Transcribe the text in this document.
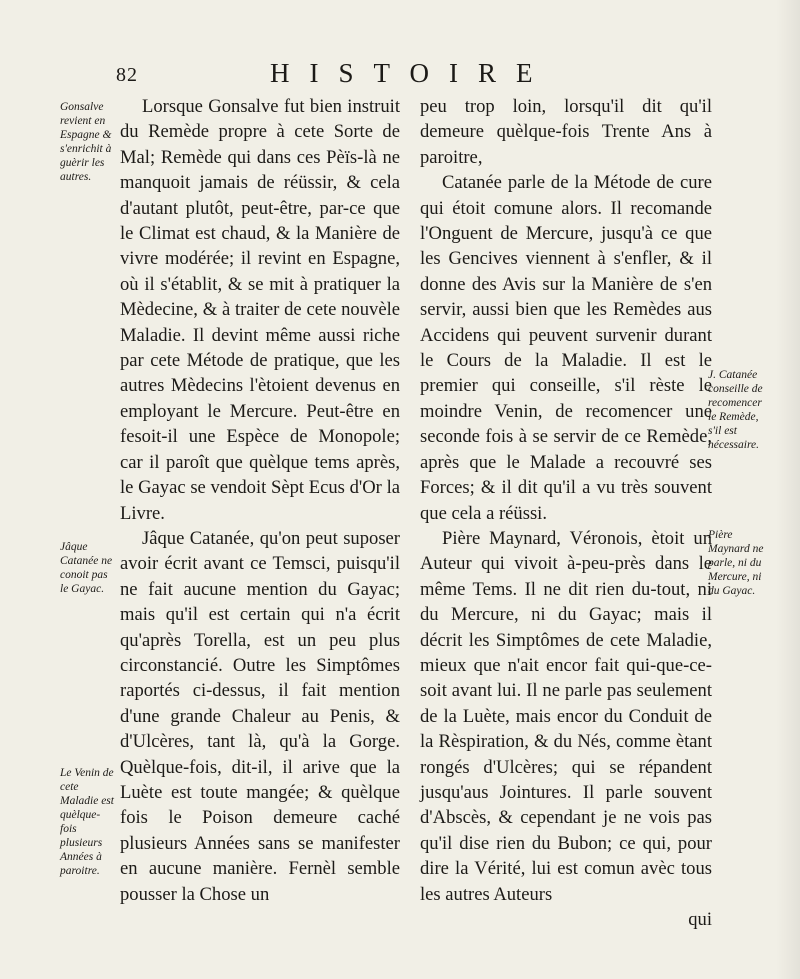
82	HISTOIRE
Gonsalve revient en Espagne & s'enrichit à guèrir les autres.
Jâque Catanée ne conoit pas le Gayac.
Le Venin de cete Maladie est quèlque-fois plusieurs Années à paroitre.

Lorsque Gonsalve fut bien instruit du Remède propre à cete Sorte de Mal; Remède qui dans ces Pèïs-là ne manquoit jamais de réüssir, & cela d'autant plutôt, peut-être, par-ce que le Climat est chaud, & la Manière de vivre modérée; il revint en Espagne, où il s'établit, & se mit à pratiquer la Mèdecine, & à traiter de cete nouvèle Maladie. Il devint même aussi riche par cete Métode de pratique, que les autres Mèdecins l'ètoient devenus en employant le Mercure. Peut-être en fesoit-il une Espèce de Monopole; car il paroît que quèlque tems après, le Gayac se vendoit Sèpt Ecus d'Or la Livre.

Jâque Catanée, qu'on peut suposer avoir écrit avant ce Temsci, puisqu'il ne fait aucune mention du Gayac; mais qu'il est certain qui n'a écrit qu'après Torella, est un peu plus circonstancié. Outre les Simptômes raportés ci-dessus, il fait mention d'une grande Chaleur au Penis, & d'Ulcères, tant là, qu'à la Gorge. Quèlque-fois, dit-il, il arive que la Luète est toute mangée; & quèlque fois le Poison demeure caché plusieurs Années sans se manifester en aucune manière. Fernèl semble pousser la Chose un

peu trop loin, lorsqu'il dit qu'il demeure quèlque-fois Trente Ans à paroitre,

Catanée parle de la Métode de cure qui étoit comune alors. Il recomande l'Onguent de Mercure, jusqu'à ce que les Gencives viennent à s'enfler, & il donne des Avis sur la Manière de s'en servir, aussi bien que les Remèdes aus Accidens qui peuvent survenir durant le Cours de la Maladie. Il est le premier qui conseille, s'il rèste le moindre Venin, de recomencer une seconde fois à se servir de ce Remède, après que le Malade a recouvré ses Forces; & il dit qu'il a vu très souvent que cela a réüssi.

Pière Maynard, Véronois, ètoit un Auteur qui vivoit à-peu-près dans le même Tems. Il ne dit rien du-tout, ni du Mercure, ni du Gayac; mais il décrit les Simptômes de cete Maladie, mieux que n'ait encor fait qui-que-ce-soit avant lui. Il ne parle pas seulement de la Luète, mais encor du Conduit de la Rèspiration, & du Nés, comme ètant rongés d'Ulcères; qui se répandent jusqu'aus Jointures. Il parle souvent d'Abscès, & cependant je ne vois pas qu'il dise rien du Bubon; ce qui, pour dire la Vérité, lui est comun avèc tous les autres Auteurs

qui

J. Catanée conseille de recomencer le Remède, s'il est nécessaire.
Pière Maynard ne parle, ni du Mercure, ni du Gayac.
